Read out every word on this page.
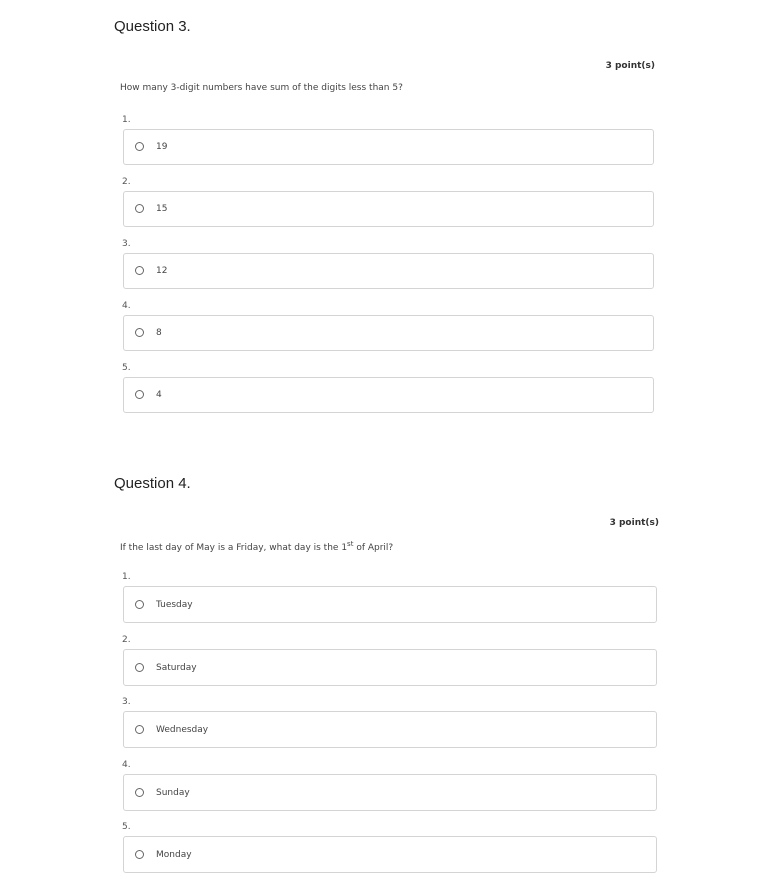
Question 3.
3 point(s)
How many 3-digit numbers have sum of the digits less than 5?
1.
19
2.
15
3.
12
4.
8
5.
4
Question 4.
3 point(s)
If the last day of May is a Friday, what day is the 1st of April?
1.
Tuesday
2.
Saturday
3.
Wednesday
4.
Sunday
5.
Monday
